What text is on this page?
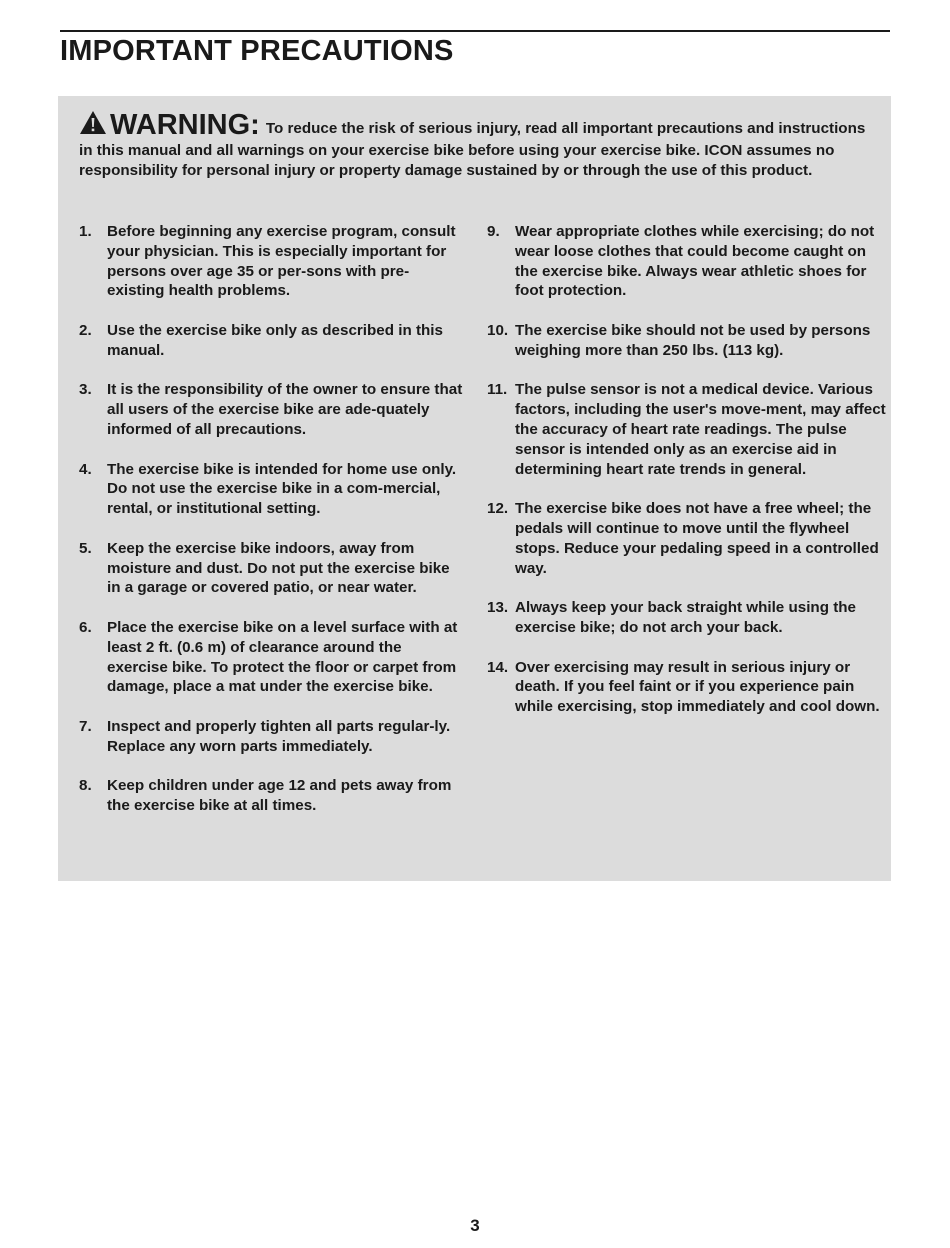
IMPORTANT PRECAUTIONS
WARNING: To reduce the risk of serious injury, read all important precautions and instructions in this manual and all warnings on your exercise bike before using your exercise bike. ICON assumes no responsibility for personal injury or property damage sustained by or through the use of this product.
1. Before beginning any exercise program, consult your physician. This is especially important for persons over age 35 or per-sons with pre-existing health problems.
2. Use the exercise bike only as described in this manual.
3. It is the responsibility of the owner to ensure that all users of the exercise bike are ade-quately informed of all precautions.
4. The exercise bike is intended for home use only. Do not use the exercise bike in a com-mercial, rental, or institutional setting.
5. Keep the exercise bike indoors, away from moisture and dust. Do not put the exercise bike in a garage or covered patio, or near water.
6. Place the exercise bike on a level surface with at least 2 ft. (0.6 m) of clearance around the exercise bike. To protect the floor or carpet from damage, place a mat under the exercise bike.
7. Inspect and properly tighten all parts regular-ly. Replace any worn parts immediately.
8. Keep children under age 12 and pets away from the exercise bike at all times.
9. Wear appropriate clothes while exercising; do not wear loose clothes that could become caught on the exercise bike. Always wear athletic shoes for foot protection.
10. The exercise bike should not be used by persons weighing more than 250 lbs. (113 kg).
11. The pulse sensor is not a medical device. Various factors, including the user's move-ment, may affect the accuracy of heart rate readings. The pulse sensor is intended only as an exercise aid in determining heart rate trends in general.
12. The exercise bike does not have a free wheel; the pedals will continue to move until the flywheel stops. Reduce your pedaling speed in a controlled way.
13. Always keep your back straight while using the exercise bike; do not arch your back.
14. Over exercising may result in serious injury or death. If you feel faint or if you experience pain while exercising, stop immediately and cool down.
3
